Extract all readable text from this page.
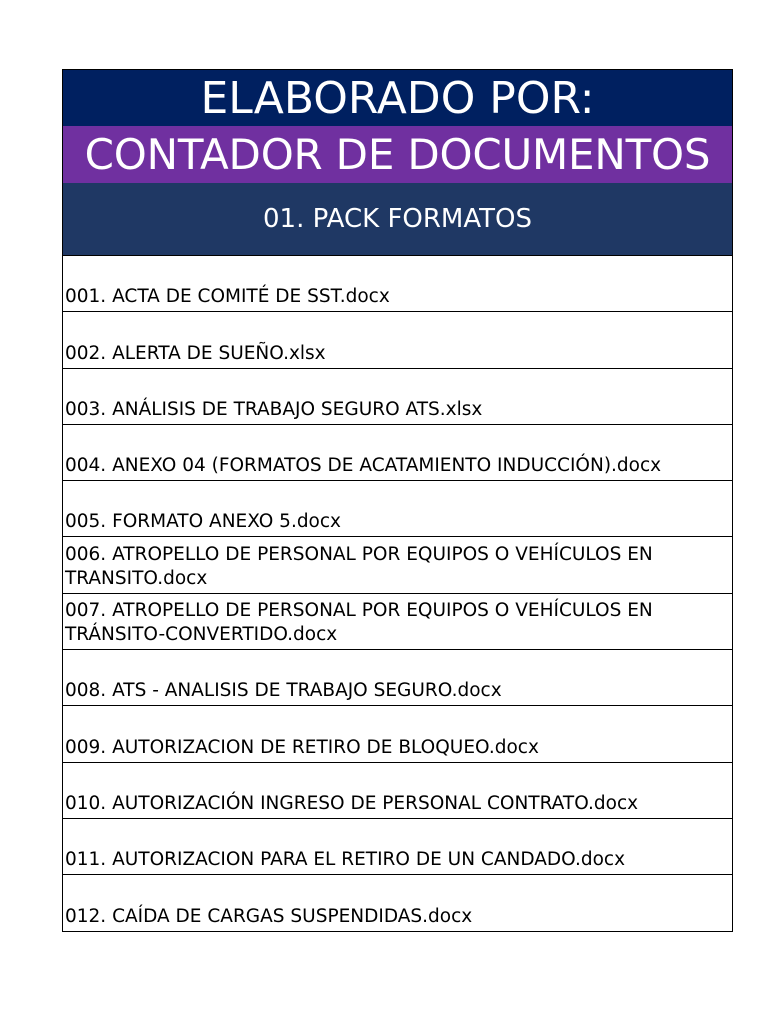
ELABORADO POR:
CONTADOR DE DOCUMENTOS
01. PACK FORMATOS
001. ACTA DE COMITÉ DE SST.docx
002. ALERTA DE SUEÑO.xlsx
003. ANÁLISIS DE TRABAJO SEGURO ATS.xlsx
004. ANEXO 04 (FORMATOS DE ACATAMIENTO INDUCCIÓN).docx
005. FORMATO ANEXO 5.docx
006. ATROPELLO DE PERSONAL POR EQUIPOS O VEHÍCULOS EN TRANSITO.docx
007. ATROPELLO DE PERSONAL POR EQUIPOS O VEHÍCULOS EN TRÁNSITO-CONVERTIDO.docx
008. ATS - ANALISIS DE TRABAJO SEGURO.docx
009. AUTORIZACION DE RETIRO DE BLOQUEO.docx
010. AUTORIZACIÓN INGRESO DE PERSONAL CONTRATO.docx
011. AUTORIZACION PARA EL RETIRO DE UN CANDADO.docx
012. CAÍDA DE CARGAS SUSPENDIDAS.docx
